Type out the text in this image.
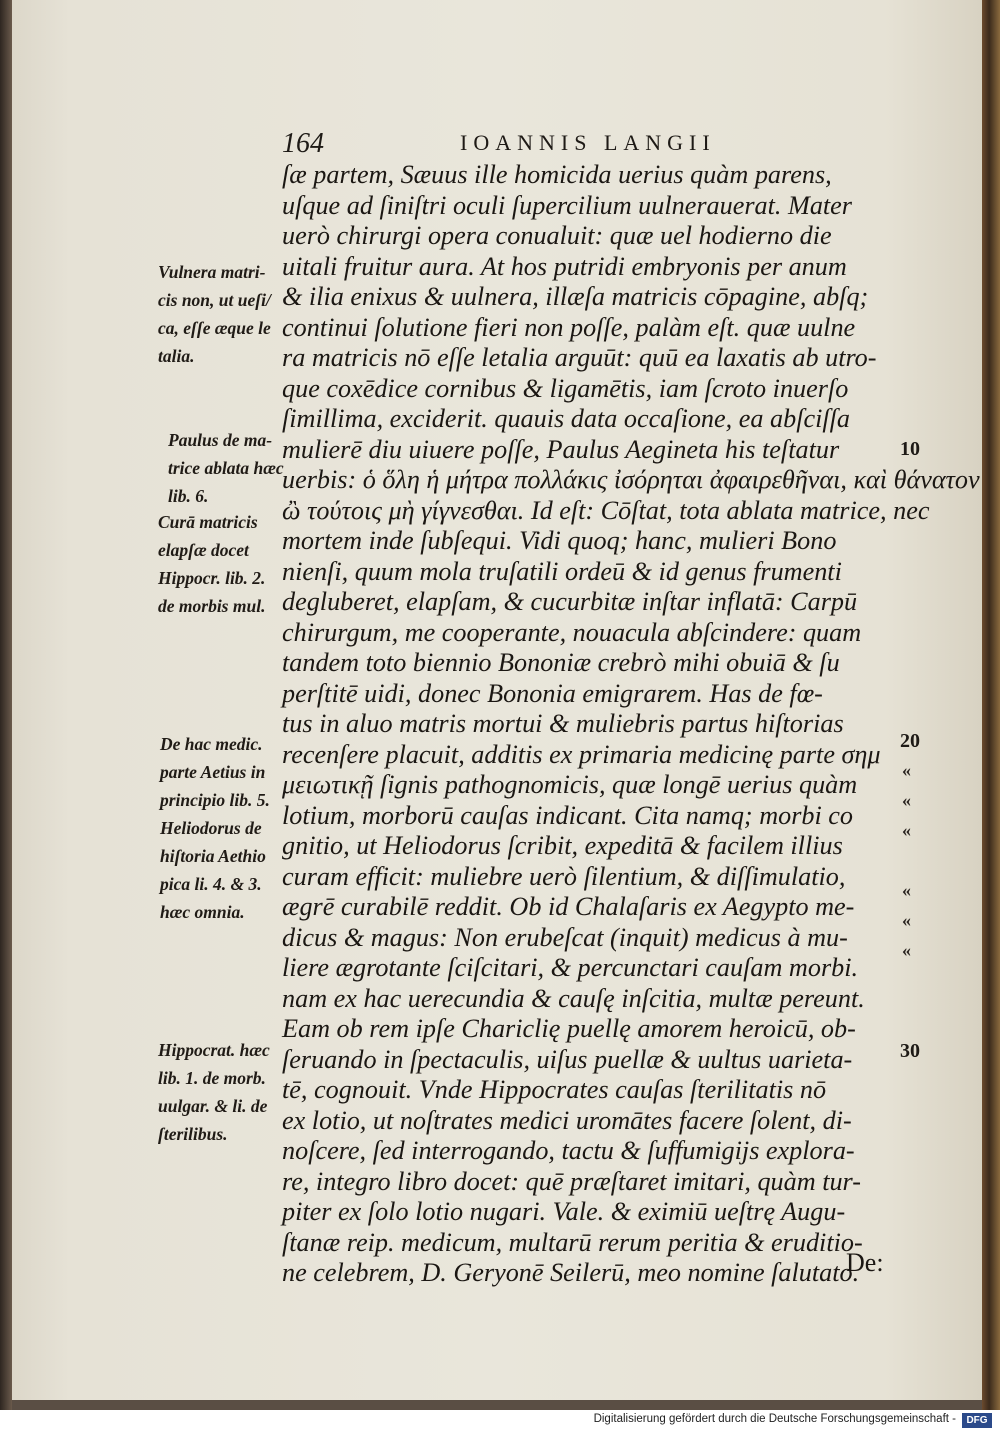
164	IOANNIS LANGII
ſæ partem, Sæuus ille homicida uerius quàm parens,
uſque ad ſiniſtri oculi ſupercilium uulnerauerat. Mater
uerò chirurgi opera conualuit: quæ uel hodierno die
uitali fruitur aura. At hos putridi embryonis per anum
& ilia enixus & uulnera, illæſa matricis cōpagine, abſq;
continui ſolutione fieri non poſſe, palàm eſt. quæ uulne
ra matricis nō eſſe letalia arguūt: quū ea laxatis ab utro-
que coxēdice cornibus & ligamētis, iam ſcroto inuerſo
ſimillima, exciderit. quauis data occaſione, ea abſciſſa
mulierē diu uiuere poſſe, Paulus Aegineta his teſtatur
uerbis: ὁ ὅλη ἡ μήτρα πολλάκις ἰσόρηται ἀφαιρεθῆναι, καὶ θάνατον
ὢ τούτοις μὴ γίγνεσθαι. Id eſt: Cōſtat, tota ablata matrice, nec
mortem inde ſubſequi. Vidi quoq; hanc, mulieri Bono
nienſi, quum mola truſatili ordeū & id genus frumenti
degluberet, elapſam, & cucurbitæ inſtar inflatā: Carpū
chirurgum, me cooperante, nouacula abſcindere: quam
tandem toto biennio Bononiæ crebrò mihi obuiā & ſu
perſtitē uidi, donec Bononia emigrarem. Has de fœ-
tus in aluo matris mortui & muliebris partus hiſtorias
recenſere placuit, additis ex primaria medicinę parte σημ
μειωτικῇ ſignis pathognomicis, quæ longē uerius quàm
lotium, morborū cauſas indicant. Cita namq; morbi co
gnitio, ut Heliodorus ſcribit, expeditā & facilem illius
curam efficit: muliebre uerò ſilentium, & diſſimulatio,
ægrē curabilē reddit. Ob id Chalaſaris ex Aegypto me-
dicus & magus: Non erubeſcat (inquit) medicus à mu-
liere ægrotante ſciſcitari, & percunctari cauſam morbi.
nam ex hac uerecundia & cauſę inſcitia, multæ pereunt.
Eam ob rem ipſe Chariclię puellę amorem heroicū, ob-
ſeruando in ſpectaculis, uiſus puellæ & uultus uarieta-
tē, cognouit. Vnde Hippocrates cauſas ſterilitatis nō
ex lotio, ut noſtrates medici uromātes facere ſolent, di-
noſcere, ſed interrogando, tactu & ſuffumigijs explora-
re, integro libro docet: quē præſtaret imitari, quàm tur-
piter ex ſolo lotio nugari. Vale. & eximiū ueſtrę Augu-
ſtanæ reip. medicum, multarū rerum peritia & eruditio-
ne celebrem, D. Geryonē Seilerū, meo nomine ſalutato.
De:
Vulnera matri-
cis non, ut ueſi/
ca, eſſe æque le
talia.
Paulus de ma-
trice ablata hæc
lib. 6.
Curā matricis
elapſæ docet
Hippocr. lib. 2.
de morbis mul.
De hac medic.
parte Aetius in
principio lib. 5.
Heliodorus de
hiſtoria Aethio
pica li. 4. & 3.
hæc omnia.
Hippocrat. hæc
lib. 1. de morb.
uulgar. & li. de
ſterilibus.
10
20
30
«
«
«
«
«
«
Digitalisierung gefördert durch die Deutsche Forschungsgemeinschaft -	DFG
